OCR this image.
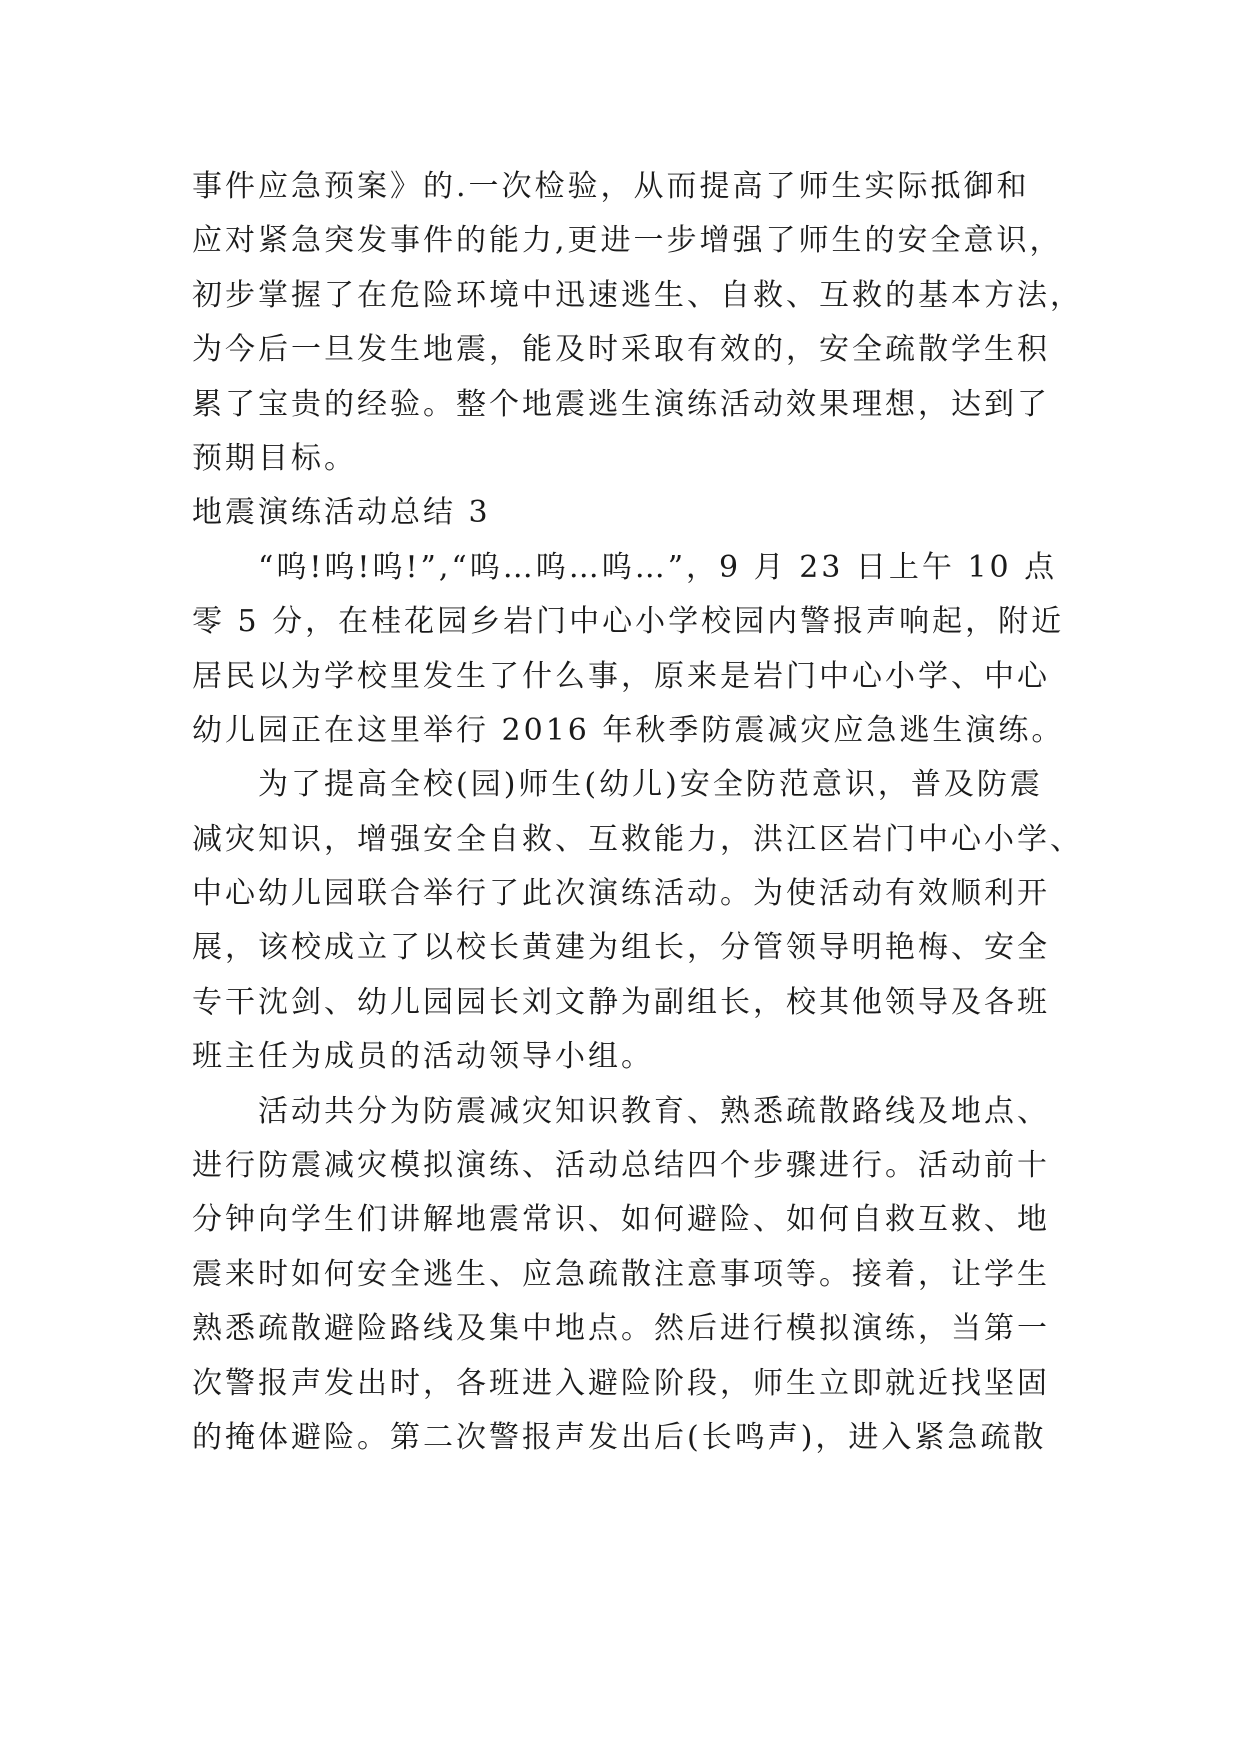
事件应急预案》的.一次检验，从而提高了师生实际抵御和
应对紧急突发事件的能力,更进一步增强了师生的安全意识，
初步掌握了在危险环境中迅速逃生、自救、互救的基本方法，
为今后一旦发生地震，能及时采取有效的，安全疏散学生积
累了宝贵的经验。整个地震逃生演练活动效果理想，达到了
预期目标。
地震演练活动总结 3
“呜!呜!呜!”,“呜…呜…呜…”，9 月 23 日上午 10 点
零 5 分，在桂花园乡岩门中心小学校园内警报声响起，附近
居民以为学校里发生了什么事，原来是岩门中心小学、中心
幼儿园正在这里举行 2016 年秋季防震减灾应急逃生演练。
为了提高全校(园)师生(幼儿)安全防范意识，普及防震
减灾知识，增强安全自救、互救能力，洪江区岩门中心小学、
中心幼儿园联合举行了此次演练活动。为使活动有效顺利开
展，该校成立了以校长黄建为组长，分管领导明艳梅、安全
专干沈剑、幼儿园园长刘文静为副组长，校其他领导及各班
班主任为成员的活动领导小组。
活动共分为防震减灾知识教育、熟悉疏散路线及地点、
进行防震减灾模拟演练、活动总结四个步骤进行。活动前十
分钟向学生们讲解地震常识、如何避险、如何自救互救、地
震来时如何安全逃生、应急疏散注意事项等。接着，让学生
熟悉疏散避险路线及集中地点。然后进行模拟演练，当第一
次警报声发出时，各班进入避险阶段，师生立即就近找坚固
的掩体避险。第二次警报声发出后(长鸣声)，进入紧急疏散
